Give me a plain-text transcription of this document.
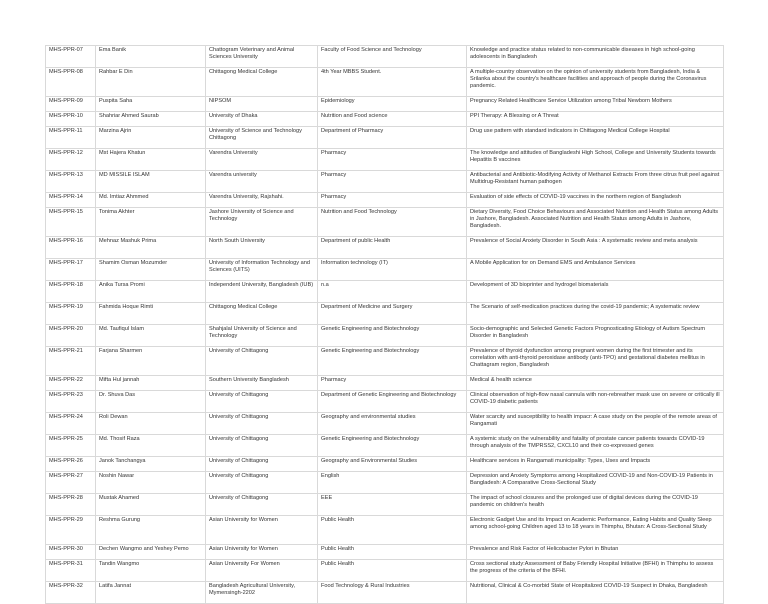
MHS-PPR-07	Ema Banik	Chattogram Veterinary and Animal Sciences University	Faculty of Food Science and Technology	Knowledge and practice status related to non-communicable diseases in high school-going adolescents in Bangladesh
MHS-PPR-08	Rahbar E Din	Chittagong Medical College	4th Year MBBS Student.	A multiple-country observation on the opinion of university students from Bangladesh, India & Srilanka about the country's healthcare facilities and approach of people during the Coronavirus pandemic.
MHS-PPR-09	Puspita Saha	NIPSOM	Epidemiology	Pregnancy Related Healthcare Service Utilization among Tribal Newborn Mothers
MHS-PPR-10	Shahriar Ahmed Saurab	University of Dhaka	Nutrition and Food science	PPI Therapy: A Blessing or A Threat
MHS-PPR-11	Marzina Ajrin	University of Science and Technology Chittagong	Department of Pharmacy	Drug use pattern with standard indicators in Chittagong Medical College Hospital
MHS-PPR-12	Mst Hajera Khatun	Varendra University	Pharmacy	The knowledge and attitudes of Bangladeshi High School, College and University Students towards Hepatitis B vaccines
MHS-PPR-13	MD MISSILE ISLAM	Varendra university	Pharmacy	Antibacterial and Antibiotic-Modifying Activity of Methanol Extracts From three citrus fruit peel against Multidrug-Resistant human pathogen
MHS-PPR-14	Md. Imtiaz Ahmmed	Varendra University, Rajshahi.	Pharmacy	Evaluation of side effects of COVID-19 vaccines in the northern region of Bangladesh
MHS-PPR-15	Tonima Akhter	Jashore University of Science and Technology	Nutrition and Food Technology	Dietary Diversity, Food Choice Behaviours and Associated Nutrition and Health Status among Adults in Jashore, Bangladesh. Associated Nutrition and Health Status among Adults in Jashore, Bangladesh.
MHS-PPR-16	Mehnaz Mashuk Prima	North South University	Department of public Health	Prevalence of Social Anxiety Disorder in South Asia : A systematic review and meta analysis
MHS-PPR-17	Shamim Osman Mozumder	University of Information Technology and Sciences (UITS)	Information technology (IT)	A Mobile Application for on Demand EMS and Ambulance Services
MHS-PPR-18	Anika Tursa Promi	Independent University, Bangladesh (IUB)	n.a	Development of 3D bioprinter and hydrogel biomaterials
MHS-PPR-19	Fahmida Hoque Rimti	Chittagong Medical College	Department of Medicine and Surgery	The Scenario of self-medication practices during the covid-19 pandemic; A systematic review
MHS-PPR-20	Md. Taufiqul Islam	Shahjalal University of Science and Technology	Genetic Engineering and Biotechnology	Socio-demographic and Selected Genetic Factors Prognosticating Etiology of Autism Spectrum Disorder in Bangladesh
MHS-PPR-21	Farjana Sharmen	University of Chittagong	Genetic Engineering and Biotechnology	Prevalence of thyroid dysfunction among pregnant women during the first trimester and its correlation with anti-thyroid peroxidase antibody (anti-TPO) and gestational diabetes mellitus in Chattagram region, Bangladesh
MHS-PPR-22	Mifta Hul jannah	Southern University Bangladesh	Pharmacy	Medical & health science
MHS-PPR-23	Dr. Shuva Das	University of Chittagong	Department of Genetic Engineering and Biotechnology	Clinical observation of high-flow nasal cannula with non-rebreather mask use on severe or critically ill COVID-19 diabetic patients
MHS-PPR-24	Roli Dewan	University of Chittagong	Geography and environmental studies	Water scarcity and susceptibility to health impacr: A case study on the people of the remote areas of Rangamati
MHS-PPR-25	Md. Thosif Raza	University of Chittagong	Genetic Engineering and Biotechnology	A systemic study on the vulnerability and fatality of prostate cancer patients towards COVID-19 through analysis of the TMPRSS2, CXCL10 and their co-expressed genes
MHS-PPR-26	Janok Tanchangya	University of Chittagong	Geography and Environmental Studies	Healthcare services in Rangamati municipality: Types, Uses and Impacts
MHS-PPR-27	Noshin Nawar	University of Chittagong	English	Depression and Anxiety Symptoms among Hospitalized COVID-19 and Non-COVID-19 Patients in Bangladesh: A Comparative Cross-Sectional Study
MHS-PPR-28	Mustak Ahamed	University of Chittagong	EEE	The impact of school closures and the prolonged use of digital devices during the COVID-19 pandemic on children's health
MHS-PPR-29	Reshma Gurung	Asian University for Women	Public Health	Electronic Gadget Use and its Impact on Academic Performance, Eating Habits and Quality Sleep among school-going Children aged 13 to 18 years in Thimphu, Bhutan: A Cross-Sectional Study
MHS-PPR-30	Dechen Wangmo and Yeshey Pemo	Asian University for Women	Public Health	Prevalence and Risk Factor of Helicobacter Pylori in Bhutan
MHS-PPR-31	Tandin Wangmo	Asian University For Women	Public Health	Cross sectional study:Assessment of Baby Friendly Hospital Initiative (BFHI) in Thimphu to assess the progress of the criteria of the BFHI.
MHS-PPR-32	Latifa Jannat	Bangladesh Agricultural University, Mymensingh-2202	Food Technology & Rural Industries	Nutritional, Clinical & Co-morbid State of Hospitalized COVID-19 Suspect in Dhaka, Bangladesh
